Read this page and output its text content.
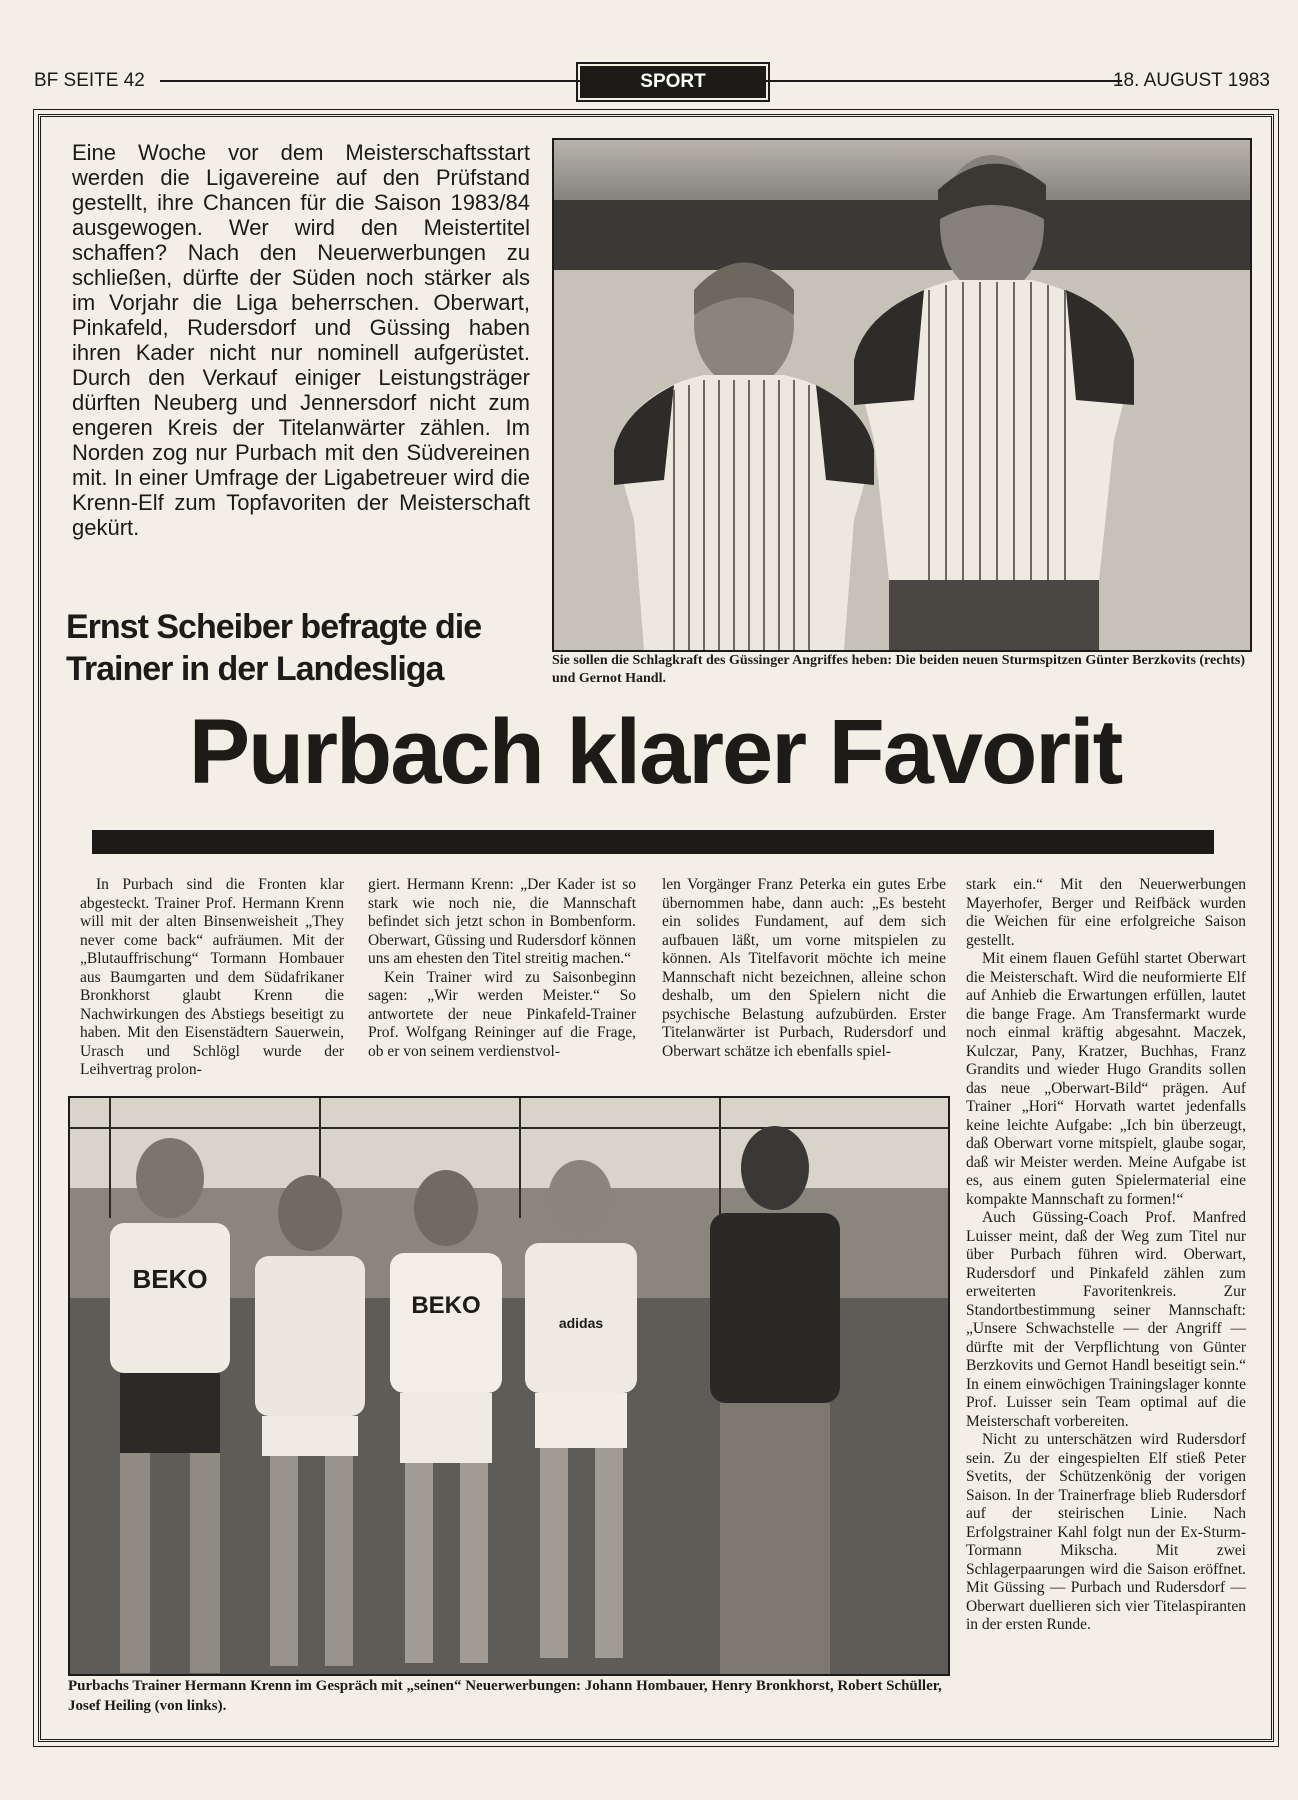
BF SEITE 42	SPORT	18. AUGUST 1983
Eine Woche vor dem Meisterschaftsstart werden die Ligavereine auf den Prüfstand gestellt, ihre Chancen für die Saison 1983/84 ausgewogen. Wer wird den Meistertitel schaffen? Nach den Neuerwerbungen zu schließen, dürfte der Süden noch stärker als im Vorjahr die Liga beherrschen. Oberwart, Pinkafeld, Rudersdorf und Güssing haben ihren Kader nicht nur nominell aufgerüstet. Durch den Verkauf einiger Leistungsträger dürften Neuberg und Jennersdorf nicht zum engeren Kreis der Titelanwärter zählen. Im Norden zog nur Purbach mit den Südvereinen mit. In einer Umfrage der Ligabetreuer wird die Krenn-Elf zum Topfavoriten der Meisterschaft gekürt.
Sie sollen die Schlagkraft des Güssinger Angriffes heben: Die beiden neuen Sturmspitzen Günter Berzkovits (rechts) und Gernot Handl.
Ernst Scheiber befragte die Trainer in der Landesliga
Purbach klarer Favorit

In Purbach sind die Fronten klar abgesteckt. Trainer Prof. Hermann Krenn will mit der alten Binsenweisheit „They never come back“ aufräumen. Mit der „Blutauffrischung“ Tormann Hombauer aus Baumgarten und dem Südafrikaner Bronkhorst glaubt Krenn die Nachwirkungen des Abstiegs beseitigt zu haben. Mit den Eisenstädtern Sauerwein, Urasch und Schlögl wurde der Leihvertrag prolon-

giert. Hermann Krenn: „Der Kader ist so stark wie noch nie, die Mannschaft befindet sich jetzt schon in Bombenform. Oberwart, Güssing und Rudersdorf können uns am ehesten den Titel streitig machen.“

Kein Trainer wird zu Saisonbeginn sagen: „Wir werden Meister.“ So antwortete der neue Pinkafeld-Trainer Prof. Wolfgang Reininger auf die Frage, ob er von seinem verdienstvol-

len Vorgänger Franz Peterka ein gutes Erbe übernommen habe, dann auch: „Es besteht ein solides Fundament, auf dem sich aufbauen läßt, um vorne mitspielen zu können. Als Titelfavorit möchte ich meine Mannschaft nicht bezeichnen, alleine schon deshalb, um den Spielern nicht die psychische Belastung aufzubürden. Erster Titelanwärter ist Purbach, Rudersdorf und Oberwart schätze ich ebenfalls spiel-

stark ein.“ Mit den Neuerwerbungen Mayerhofer, Berger und Reifbäck wurden die Weichen für eine erfolgreiche Saison gestellt.

Mit einem flauen Gefühl startet Oberwart die Meisterschaft. Wird die neuformierte Elf auf Anhieb die Erwartungen erfüllen, lautet die bange Frage. Am Transfermarkt wurde noch einmal kräftig abgesahnt. Maczek, Kulczar, Pany, Kratzer, Buchhas, Franz Grandits und wieder Hugo Grandits sollen das neue „Oberwart-Bild“ prägen. Auf Trainer „Hori“ Horvath wartet jedenfalls keine leichte Aufgabe: „Ich bin überzeugt, daß Oberwart vorne mitspielt, glaube sogar, daß wir Meister werden. Meine Aufgabe ist es, aus einem guten Spielermaterial eine kompakte Mannschaft zu formen!“

Auch Güssing-Coach Prof. Manfred Luisser meint, daß der Weg zum Titel nur über Purbach führen wird. Oberwart, Rudersdorf und Pinkafeld zählen zum erweiterten Favoritenkreis. Zur Standortbestimmung seiner Mannschaft: „Unsere Schwachstelle — der Angriff — dürfte mit der Verpflichtung von Günter Berzkovits und Gernot Handl beseitigt sein.“ In einem einwöchigen Trainingslager konnte Prof. Luisser sein Team optimal auf die Meisterschaft vorbereiten.

Nicht zu unterschätzen wird Rudersdorf sein. Zu der eingespielten Elf stieß Peter Svetits, der Schützenkönig der vorigen Saison. In der Trainerfrage blieb Rudersdorf auf der steirischen Linie. Nach Erfolgstrainer Kahl folgt nun der Ex-Sturm-Tormann Mikscha. Mit zwei Schlagerpaarungen wird die Saison eröffnet. Mit Güssing — Purbach und Rudersdorf — Oberwart duellieren sich vier Titelaspiranten in der ersten Runde.

BEKO
BEKO
adidas
Purbachs Trainer Hermann Krenn im Gespräch mit „seinen“ Neuerwerbungen: Johann Hombauer, Henry Bronkhorst, Robert Schüller, Josef Heiling (von links).
